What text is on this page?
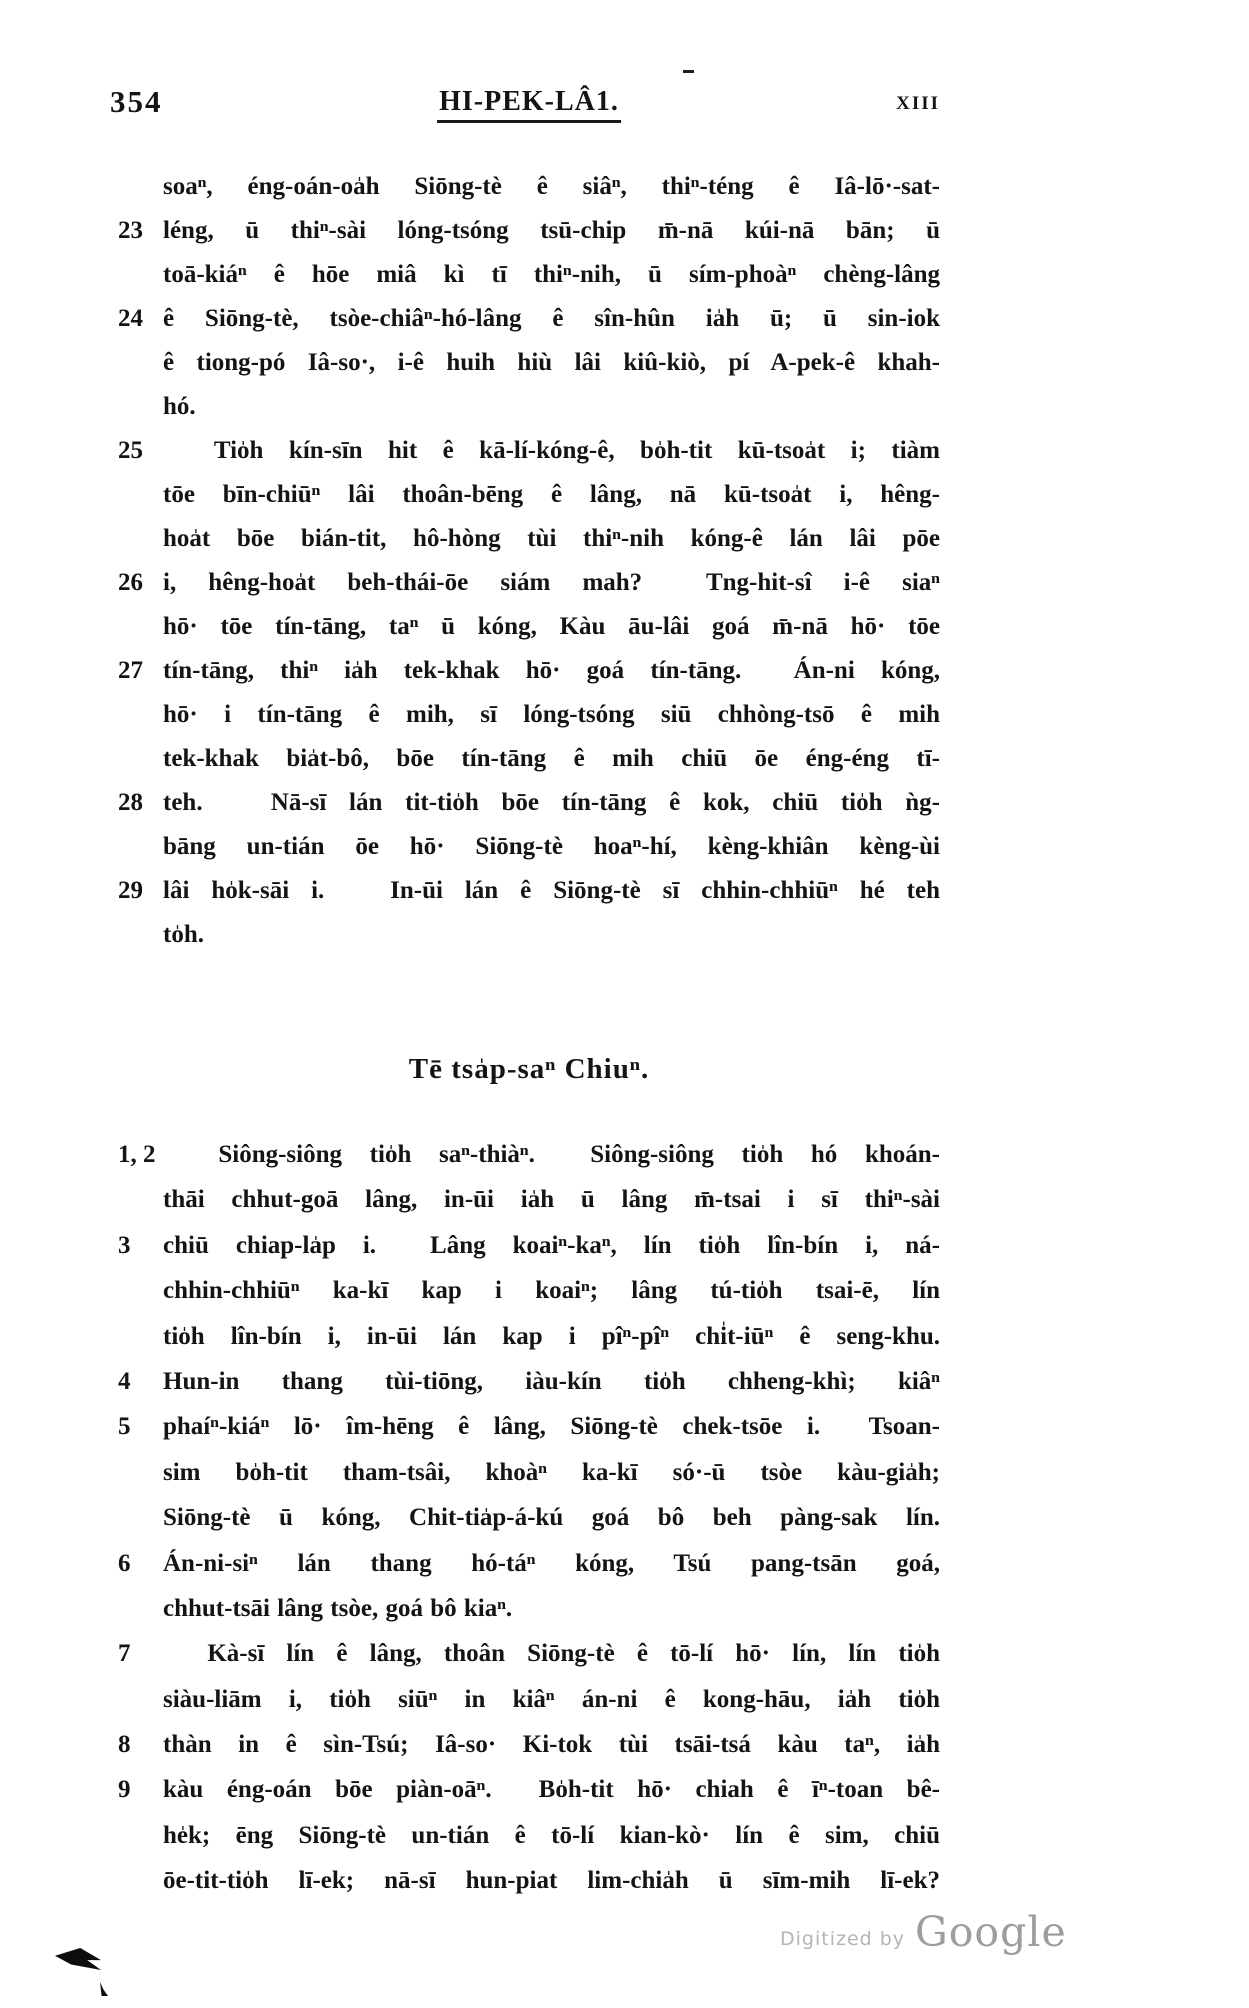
354	HI-PEK-LÂ1.	XIII
soaⁿ, éng-oán-oa̍h Siōng-tè ê siâⁿ, thiⁿ-téng ê Iâ-lō·-sat-
23 léng, ū thiⁿ-sài lóng-tsóng tsū-chip m̄-nā kúi-nā bān; ū
toā-kiáⁿ ê hōe miâ kì tī thiⁿ-nih, ū sím-phoàⁿ chèng-lâng
24 ê Siōng-tè, tsòe-chiâⁿ-hó-lâng ê sîn-hûn ia̍h ū; ū sin-iok
ê tiong-pó Iâ-so·, i-ê huih hiù lâi kiû-kiò, pí A-pek-ê khah-
hó.
25 Tio̍h kín-sīn hit ê kā-lí-kóng-ê, bo̍h-tit kū-tsoa̍t i; tiàm
tōe bīn-chiūⁿ lâi thoân-bēng ê lâng, nā kū-tsoa̍t i, hêng-
hoa̍t bōe bián-tit, hô-hòng tùi thiⁿ-nih kóng-ê lán lâi pōe
26 i, hêng-hoa̍t beh-thái-ōe siám mah?  Tng-hit-sî i-ê siaⁿ
hō· tōe tín-tāng, taⁿ ū kóng, Kàu āu-lâi goá m̄-nā hō· tōe
27 tín-tāng, thiⁿ ia̍h tek-khak hō· goá tín-tāng.  Án-ni kóng,
hō· i tín-tāng ê mih, sī lóng-tsóng siū chhòng-tsō ê mih
tek-khak bia̍t-bô, bōe tín-tāng ê mih chiū ōe éng-éng tī-
28 teh.   Nā-sī lán tit-tio̍h bōe tín-tāng ê kok, chiū tio̍h ǹg-
bāng un-tián ōe hō· Siōng-tè hoaⁿ-hí, kèng-khiân kèng-ùi
29 lâi ho̍k-sāi i.   In-ūi lán ê Siōng-tè sī chhin-chhiūⁿ hé teh
to̍h.
Tē tsa̍p-saⁿ Chiuⁿ.
1, 2 Siông-siông tio̍h saⁿ-thiàⁿ.  Siông-siông tio̍h hó khoán-
thāi chhut-goā lâng, in-ūi ia̍h ū lâng m̄-tsai i sī thiⁿ-sài
3	chiū chiap-la̍p i.  Lâng koaiⁿ-kaⁿ, lín tio̍h lîn-bín i, ná-
chhin-chhiūⁿ ka-kī kap i koaiⁿ; lâng tú-tio̍h tsai-ē, lín
tio̍h lîn-bín i, in-ūi lán kap i pîⁿ-pîⁿ chi̍t-iūⁿ ê seng-khu.
4	Hun-in thang tùi-tiōng, iàu-kín tio̍h chheng-khì; kiâⁿ
5	phaíⁿ-kiáⁿ lō· îm-hēng ê lâng, Siōng-tè chek-tsōe i.  Tsoan-
sim bo̍h-tit tham-tsâi, khoàⁿ ka-kī só·-ū tsòe kàu-gia̍h;
Siōng-tè ū kóng, Chit-tia̍p-á-kú goá bô beh pàng-sak lín.
6	Án-ni-siⁿ lán thang hó-táⁿ kóng, Tsú pang-tsān goá,
chhut-tsāi lâng tsòe, goá bô kiaⁿ.
7	Kà-sī lín ê lâng, thoân Siōng-tè ê tō-lí hō· lín, lín tio̍h
siàu-liām i, tio̍h siūⁿ in kiâⁿ án-ni ê kong-hāu, ia̍h tio̍h
8	thàn in ê sìn-Tsú; Iâ-so· Ki-tok tùi tsāi-tsá kàu taⁿ, ia̍h
9	kàu éng-oán bōe piàn-oāⁿ.  Bo̍h-tit hō· chiah ê īⁿ-toan bê-
he̍k; ēng Siōng-tè un-tián ê tō-lí kian-kò· lín ê sim, chiū
ōe-tit-tio̍h lī-ek; nā-sī hun-piat lim-chia̍h ū sīm-mih lī-ek?
Digitized by Google
